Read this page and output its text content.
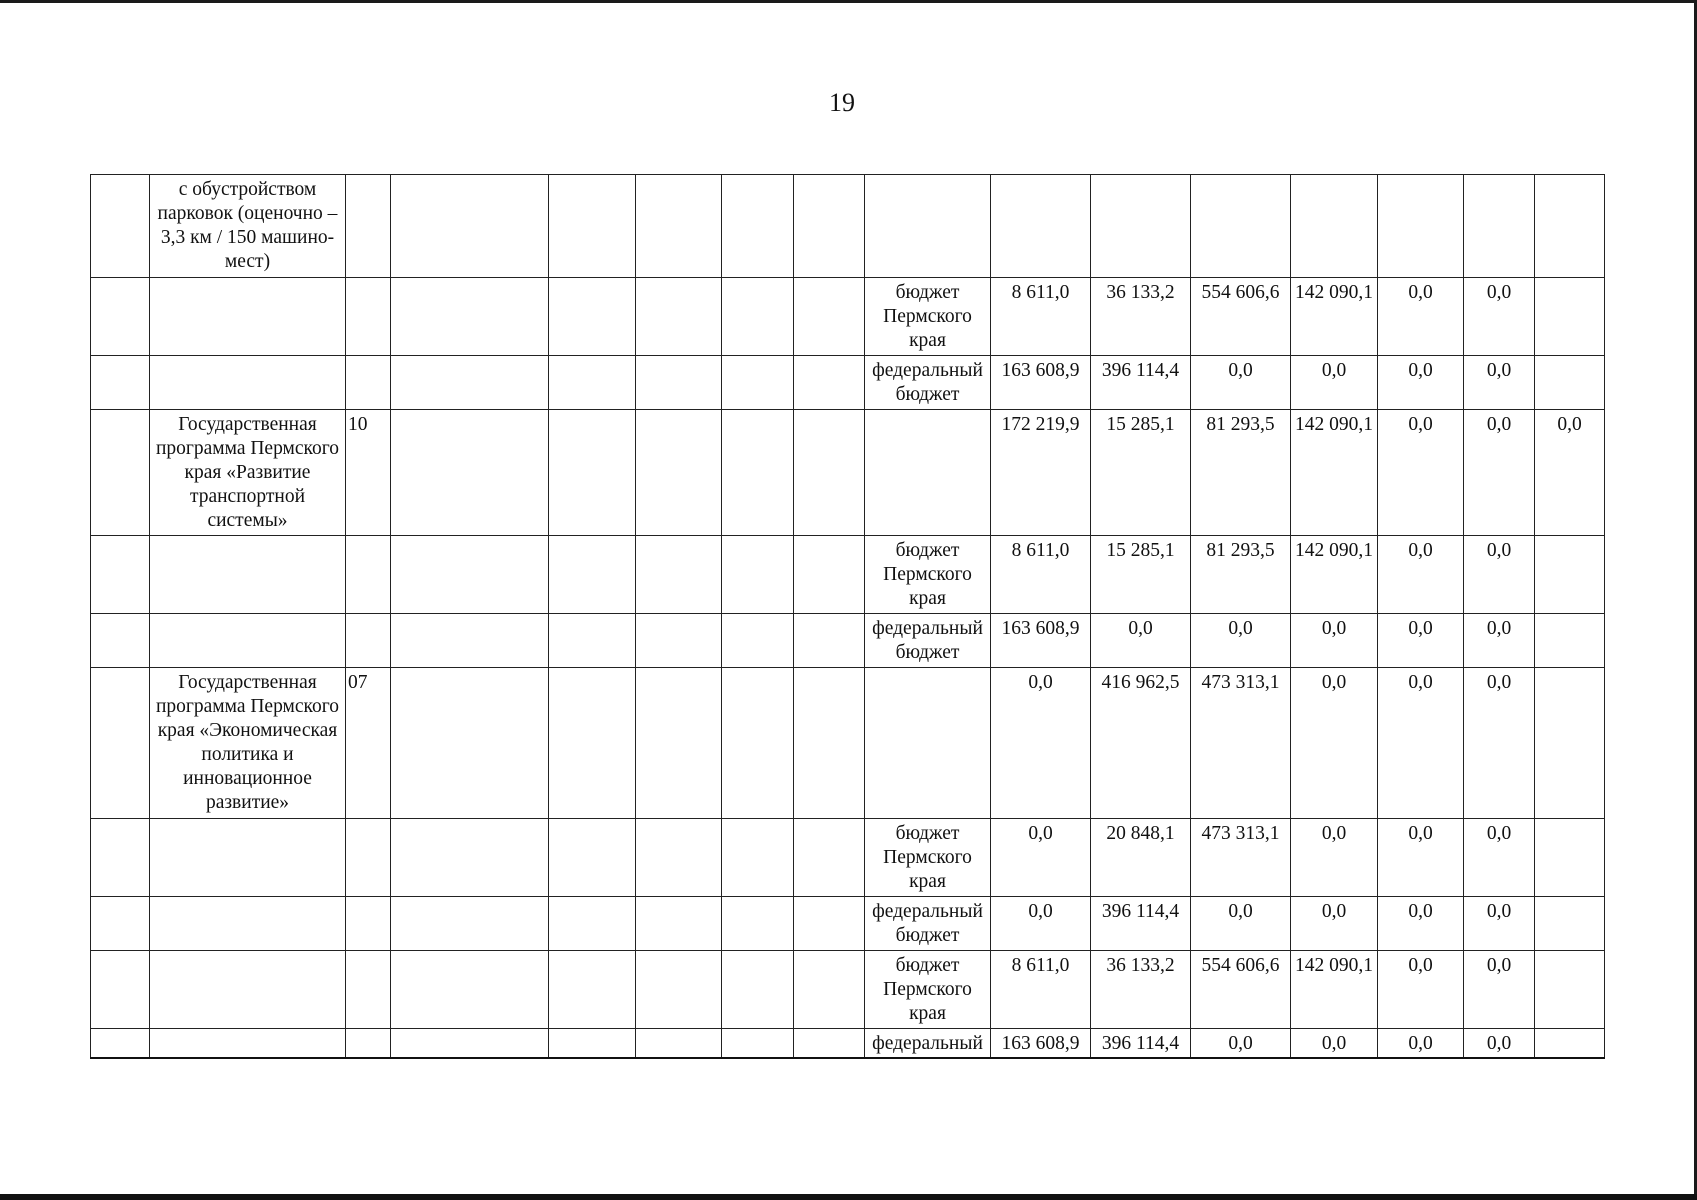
19
	с обустройством парковок (оценочно – 3,3 км / 150 машино-мест)														
								бюджет Пермского края	8 611,0	36 133,2	554 606,6	142 090,1	0,0	0,0	
								федеральный бюджет	163 608,9	396 114,4	0,0	0,0	0,0	0,0	
	Государственная программа Пермского края «Развитие транспортной системы»	10							172 219,9	15 285,1	81 293,5	142 090,1	0,0	0,0	0,0
								бюджет Пермского края	8 611,0	15 285,1	81 293,5	142 090,1	0,0	0,0	
								федеральный бюджет	163 608,9	0,0	0,0	0,0	0,0	0,0	
	Государственная программа Пермского края «Экономическая политика и инновационное развитие»	07							0,0	416 962,5	473 313,1	0,0	0,0	0,0	
								бюджет Пермского края	0,0	20 848,1	473 313,1	0,0	0,0	0,0	
								федеральный бюджет	0,0	396 114,4	0,0	0,0	0,0	0,0	
								бюджет Пермского края	8 611,0	36 133,2	554 606,6	142 090,1	0,0	0,0	
								федеральный	163 608,9	396 114,4	0,0	0,0	0,0	0,0	
